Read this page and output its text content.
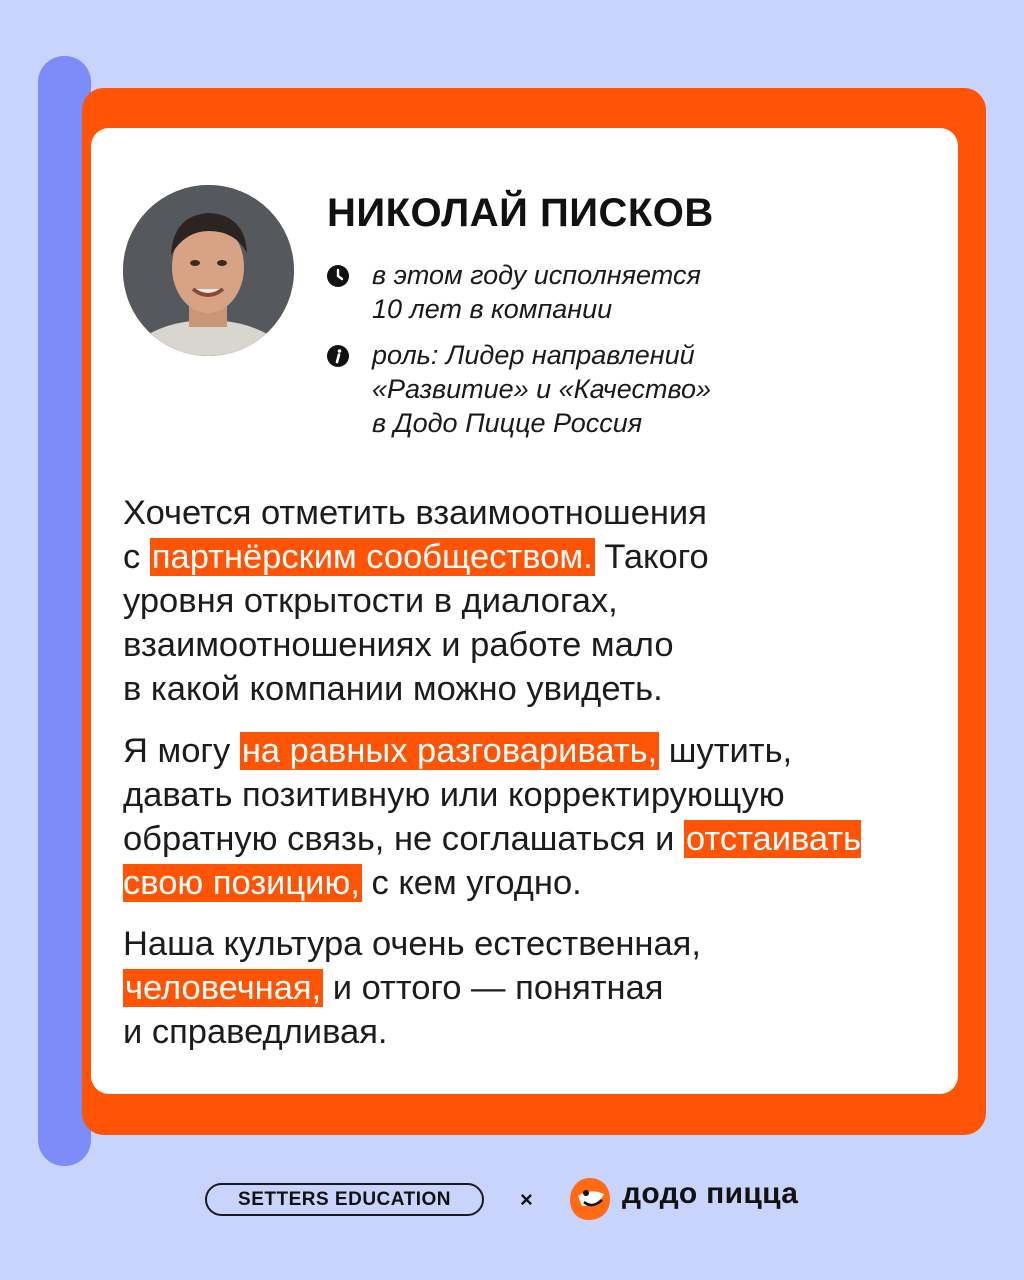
НИКОЛАЙ ПИСКОВ
в этом году исполняется
10 лет в компании
роль: Лидер направлений
«Развитие» и «Качество»
в Додо Пицце Россия

Хочется отметить взаимоотношения
с партнёрским сообществом. Такого
уровня открытости в диалогах,
взаимоотношениях и работе мало
в какой компании можно увидеть.

Я могу на равных разговаривать, шутить,
давать позитивную или корректирующую
обратную связь, не соглашаться и отстаивать
свою позицию, с кем угодно.

Наша культура очень естественная,
человечная, и оттого — понятная
и справедливая.

SETTERS EDUCATION	×	додо пицца
